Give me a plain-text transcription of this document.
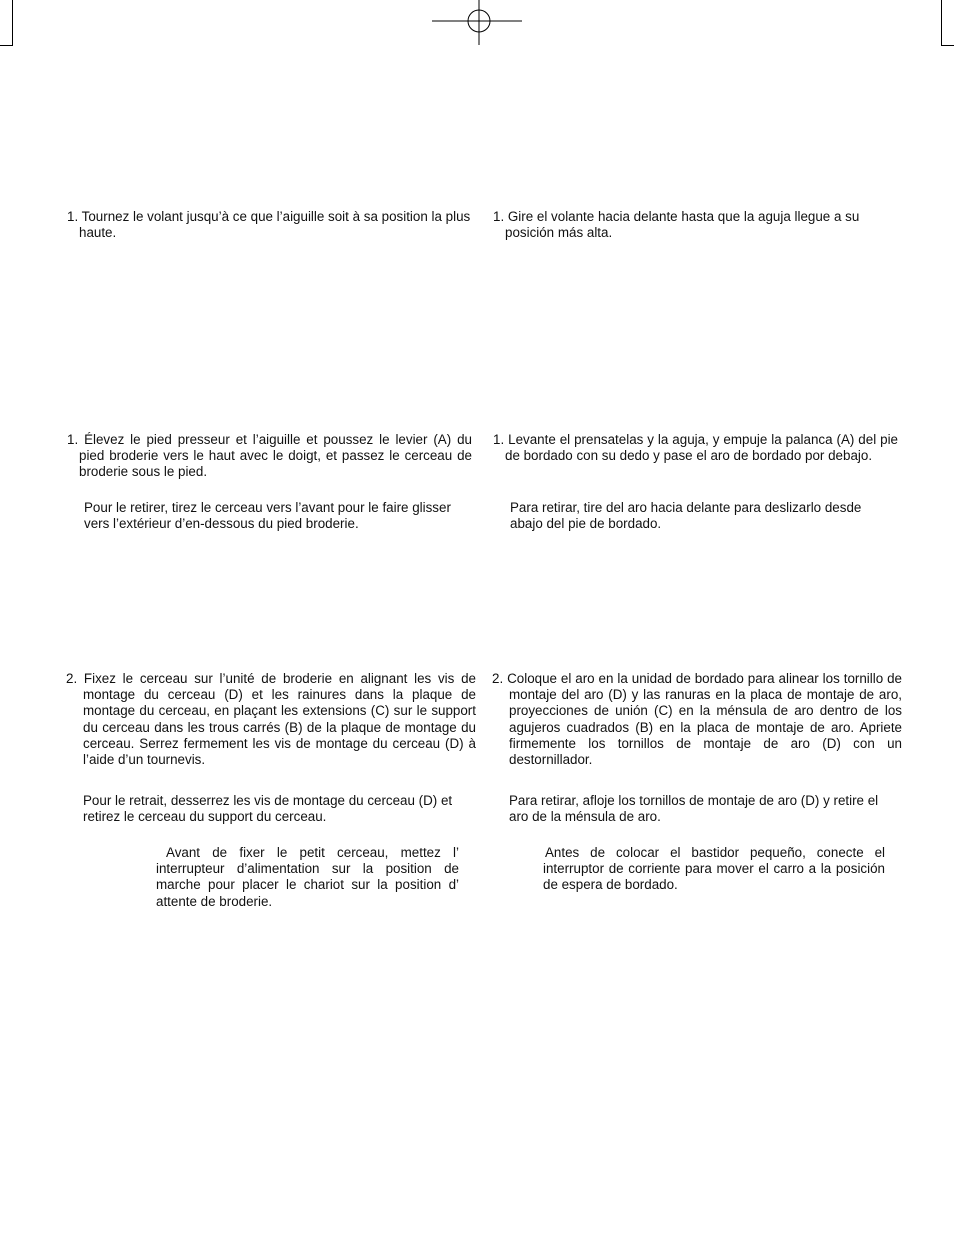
1. Tournez le volant jusqu’à ce que l’aiguille soit à sa position la plus haute.

1. Élevez le pied presseur et l’aiguille et poussez le levier (A) du pied broderie vers le haut avec le doigt, et passez le cerceau de broderie sous le pied.

Pour le retirer, tirez le cerceau vers l’avant pour le faire glisser vers l’extérieur d’en-dessous du pied broderie.

2. Fixez le cerceau sur l’unité de broderie en alignant les vis de montage du cerceau (D) et les rainures dans la plaque de montage du cerceau, en plaçant les extensions (C) sur le support du cerceau dans les trous carrés (B) de la plaque de montage du cerceau. Serrez fermement les vis de montage du cerceau (D) à l’aide d’un tournevis.

Pour le retrait, desserrez les vis de montage du cerceau (D) et retirez le cerceau du support du cerceau.

Avant de fixer le petit cerceau, mettez l’ interrupteur d’alimentation sur la position de marche pour placer le chariot sur la position d’ attente de broderie.

1. Gire el volante hacia delante hasta que la aguja llegue a su posición más alta.

1. Levante el prensatelas y la aguja, y empuje la palanca (A) del pie de bordado con su dedo y pase el aro de bordado por debajo.

Para retirar, tire del aro hacia delante para deslizarlo desde abajo del pie de bordado.

2. Coloque el aro en la unidad de bordado para alinear los tornillo de montaje del aro (D) y las ranuras en la placa de montaje de aro, proyecciones de unión (C) en la ménsula de aro dentro de los agujeros cuadrados (B) en la placa de montaje de aro. Apriete firmemente los tornillos de montaje de aro (D) con un destornillador.

Para retirar, afloje los tornillos de montaje de aro (D) y retire el aro de la ménsula de aro.

Antes de colocar el bastidor pequeño, conecte el interruptor de corriente para mover el carro a la posición de espera de bordado.
